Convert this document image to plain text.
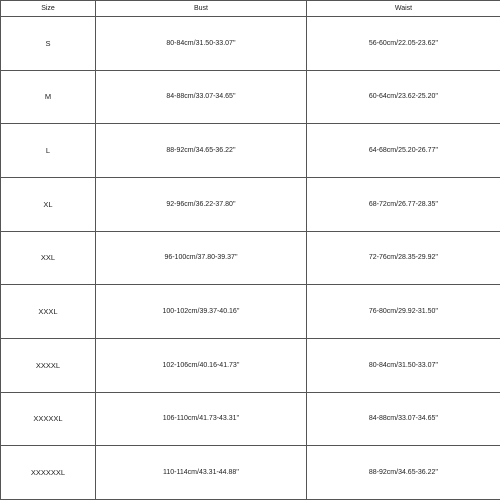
Size	Bust	Waist
S	80-84cm/31.50-33.07''	56-60cm/22.05-23.62''
M	84-88cm/33.07-34.65''	60-64cm/23.62-25.20''
L	88-92cm/34.65-36.22''	64-68cm/25.20-26.77''
XL	92-96cm/36.22-37.80''	68-72cm/26.77-28.35''
XXL	96-100cm/37.80-39.37''	72-76cm/28.35-29.92''
XXXL	100-102cm/39.37-40.16''	76-80cm/29.92-31.50''
XXXXL	102-106cm/40.16-41.73''	80-84cm/31.50-33.07''
XXXXXL	106-110cm/41.73-43.31''	84-88cm/33.07-34.65''
XXXXXXL	110-114cm/43.31-44.88''	88-92cm/34.65-36.22''
